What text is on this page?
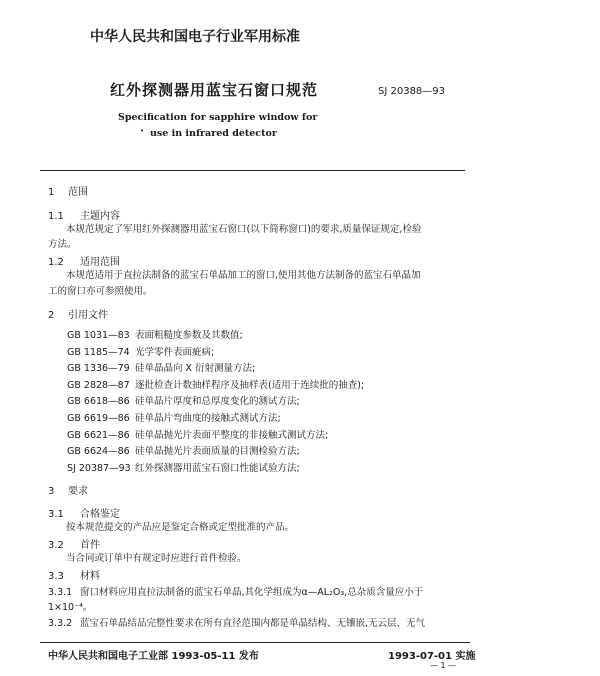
中华人民共和国电子行业军用标准
红外探测器用蓝宝石窗口规范	SJ 20388—93
Specification for sapphire window for
• use in infrared detector
1 范围
1.1 主题内容
本规范规定了军用红外探测器用蓝宝石窗口(以下简称窗口)的要求,质量保证规定,检验
方法。
1.2 适用范围
本规范适用于直拉法制备的蓝宝石单晶加工的窗口,使用其他方法制备的蓝宝石单晶加
工的窗口亦可参照使用。
2 引用文件
GB 1031—83 表面粗糙度参数及其数值;
GB 1185—74 光学零件表面疵病;
GB 1336—79 硅单晶晶向 X 衍射测量方法;
GB 2828—87 逐批检查计数抽样程序及抽样表(适用于连续批的抽查);
GB 6618—86 硅单晶片厚度和总厚度变化的测试方法;
GB 6619—86 硅单晶片弯曲度的接触式测试方法;
GB 6621—86 硅单晶抛光片表面平整度的非接触式测试方法;
GB 6624—86 硅单晶抛光片表面质量的目测检验方法;
SJ 20387—93 红外探测器用蓝宝石窗口性能试验方法;
3 要求
3.1 合格鉴定
按本规范提交的产品应是鉴定合格或定型批准的产品。
3.2 首件
当合同或订单中有规定时应进行首件检验。
3.3 材料
3.3.1 窗口材料应用直拉法制备的蓝宝石单晶,其化学组成为α—AL₂O₃,总杂质含量应小于
1×10⁻⁴。
3.3.2 蓝宝石单晶结品完整性要求在所有直径范围内都是单晶结构、无镶嵌,无云层、无气
中华人民共和国电子工业部 1993-05-11 发布	1993-07-01 实施
— 1 —
